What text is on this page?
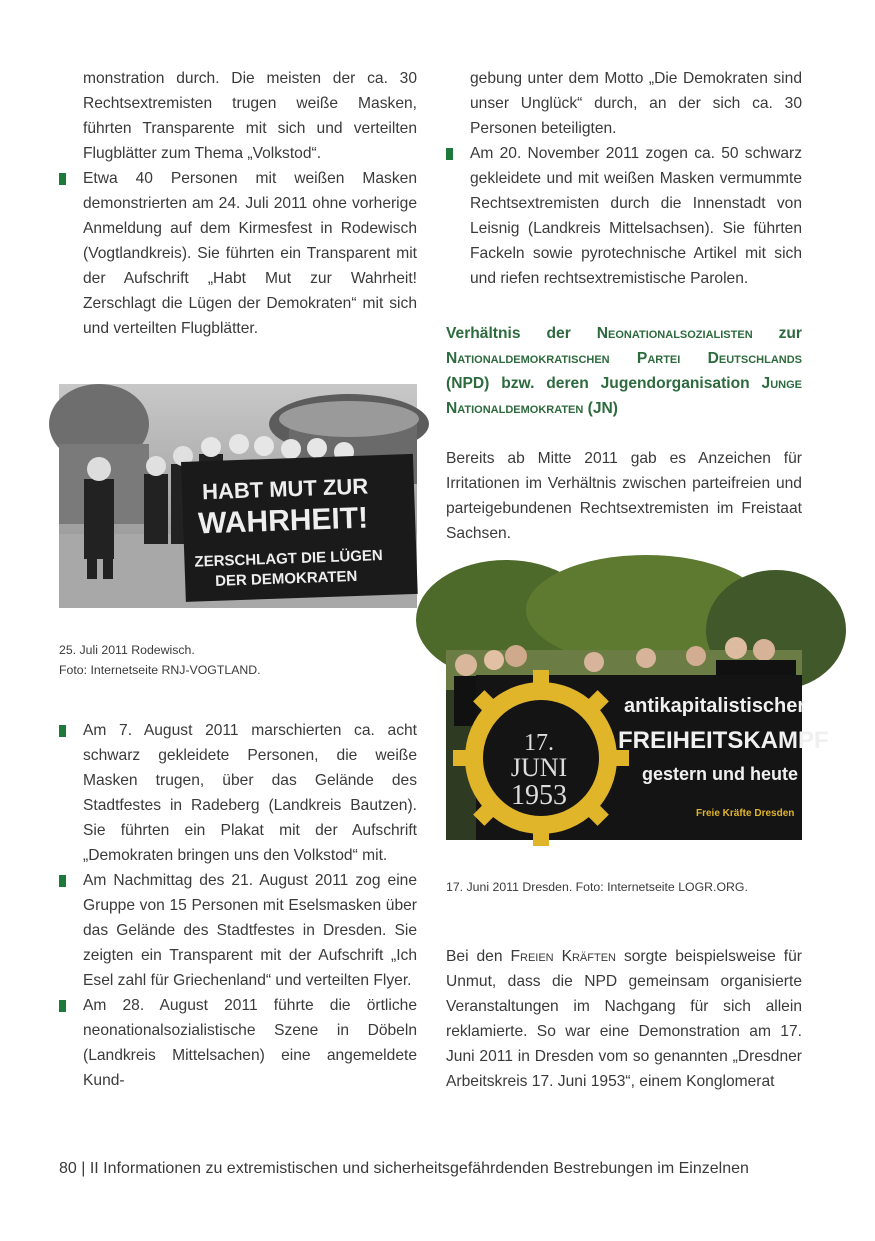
monstration durch. Die meisten der ca. 30 Rechtsextremisten trugen weiße Masken, führten Transparente mit sich und verteilten Flugblätter zum Thema „Volkstod“.

Etwa 40 Personen mit weißen Masken demonstrierten am 24. Juli 2011 ohne vorherige Anmeldung auf dem Kirmesfest in Rodewisch (Vogtlandkreis). Sie führten ein Transparent mit der Aufschrift „Habt Mut zur Wahrheit! Zerschlagt die Lügen der Demokraten“ mit sich und verteilten Flugblätter.

HABT MUT ZUR
WAHRHEIT!
ZERSCHLAGT DIE LÜGEN
DER DEMOKRATEN

25. Juli 2011 Rodewisch.

Foto: Internetseite RNJ-VOGTLAND.

Am 7. August 2011 marschierten ca. acht schwarz gekleidete Personen, die weiße Masken trugen, über das Gelände des Stadtfestes in Radeberg (Landkreis Bautzen). Sie führten ein Plakat mit der Aufschrift „Demokraten bringen uns den Volkstod“ mit.

Am Nachmittag des 21. August 2011 zog eine Gruppe von 15 Personen mit Eselsmasken über das Gelände des Stadtfestes in Dresden. Sie zeigten ein Transparent mit der Aufschrift „Ich Esel zahl für Griechenland“ und verteilten Flyer.

Am 28. August 2011 führte die örtliche neonationalsozialistische Szene in Döbeln (Landkreis Mittelsachen) eine angemeldete Kund-

gebung unter dem Motto „Die Demokraten sind unser Unglück“ durch, an der sich ca. 30 Personen beteiligten.

Am 20. November 2011 zogen ca. 50 schwarz gekleidete und mit weißen Masken vermummte Rechtsextremisten durch die Innenstadt von Leisnig (Landkreis Mittelsachsen). Sie führten Fackeln sowie pyrotechnische Artikel mit sich und riefen rechtsextremistische Parolen.

Verhältnis der Neonationalsozialisten zur Nationaldemokratischen Partei Deutschlands (NPD) bzw. deren Jugendorganisation Junge Nationaldemokraten (JN)

Bereits ab Mitte 2011 gab es Anzeichen für Irritationen im Verhältnis zwischen parteifreien und parteigebundenen Rechtsextremisten im Freistaat Sachsen.

17.
JUNI
1953
antikapitalistischer
FREIHEITSKAMPF
gestern und heute
Freie Kräfte Dresden

17. Juni 2011 Dresden. Foto: Internetseite LOGR.ORG.

Bei den Freien Kräften sorgte beispielsweise für Unmut, dass die NPD gemeinsam organisierte Veranstaltungen im Nachgang für sich allein reklamierte. So war eine Demonstration am 17. Juni 2011 in Dresden vom so genannten „Dresdner Arbeitskreis 17. Juni 1953“, einem Konglomerat

80 | II Informationen zu extremistischen und sicherheitsgefährdenden Bestrebungen im Einzelnen
